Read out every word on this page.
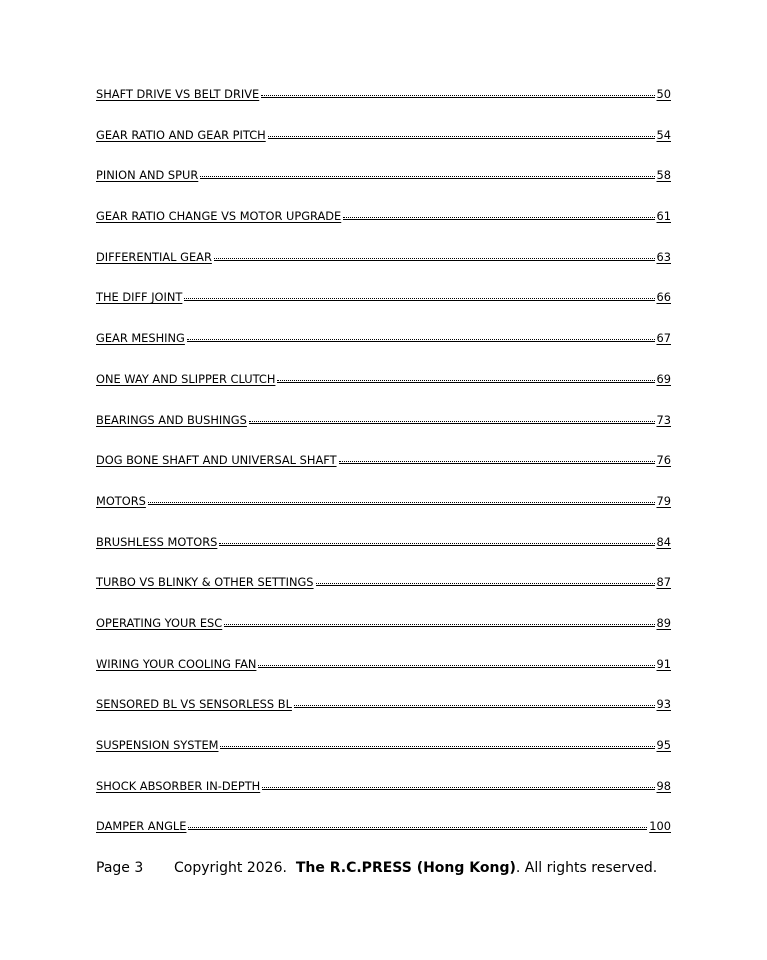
SHAFT DRIVE VS BELT DRIVE	50
GEAR RATIO AND GEAR PITCH	54
PINION AND SPUR	58
GEAR RATIO CHANGE VS MOTOR UPGRADE	61
DIFFERENTIAL GEAR	63
THE DIFF JOINT	66
GEAR MESHING	67
ONE WAY AND SLIPPER CLUTCH	69
BEARINGS AND BUSHINGS	73
DOG BONE SHAFT AND UNIVERSAL SHAFT	76
MOTORS	79
BRUSHLESS MOTORS	84
TURBO VS BLINKY & OTHER SETTINGS	87
OPERATING YOUR ESC	89
WIRING YOUR COOLING FAN	91
SENSORED BL VS SENSORLESS BL	93
SUSPENSION SYSTEM	95
SHOCK ABSORBER IN-DEPTH	98
DAMPER ANGLE	100
Page 3 Copyright 2026. The R.C.PRESS (Hong Kong). All rights reserved.
